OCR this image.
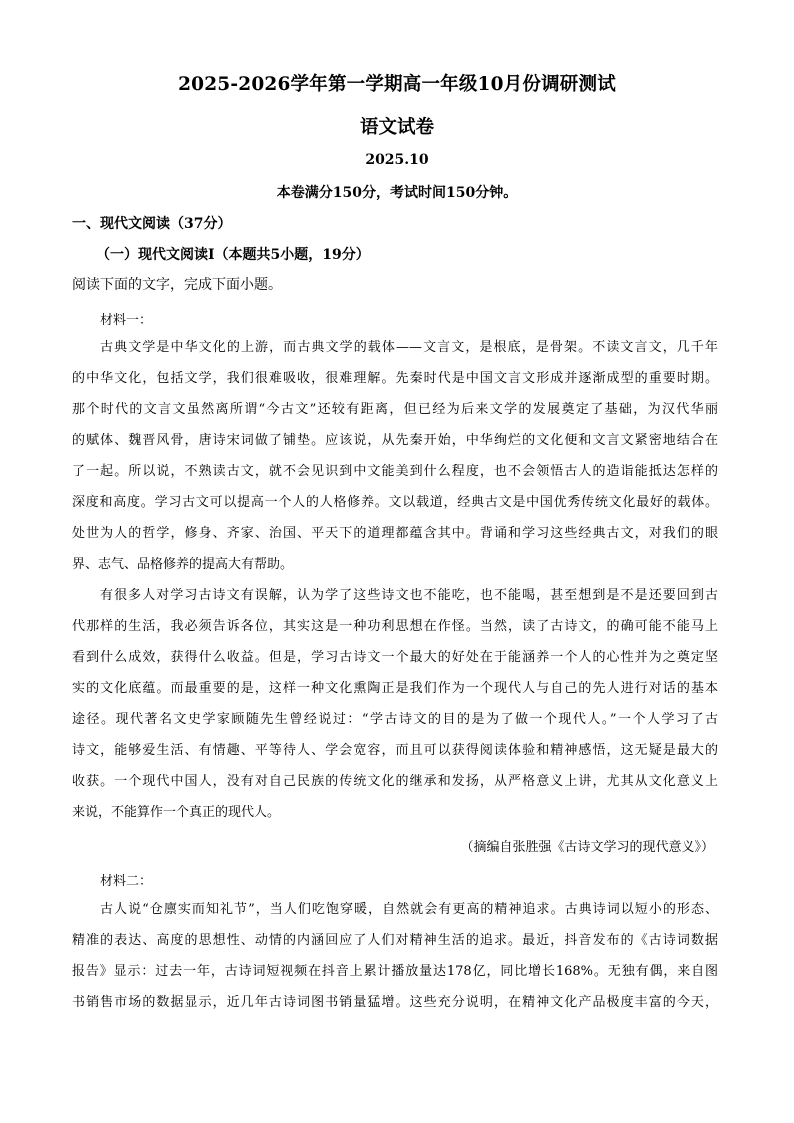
2025-2026学年第一学期高一年级10月份调研测试
语文试卷
2025.10
本卷满分150分，考试时间150分钟。
一、现代文阅读（37分）
（一）现代文阅读Ⅰ（本题共5小题，19分）
阅读下面的文字，完成下面小题。
材料一：
古典文学是中华文化的上游，而古典文学的载体——文言文，是根底，是骨架。不读文言文，几千年
的中华文化，包括文学，我们很难吸收，很难理解。先秦时代是中国文言文形成并逐渐成型的重要时期。
那个时代的文言文虽然离所谓“今古文”还较有距离，但已经为后来文学的发展奠定了基础，为汉代华丽
的赋体、魏晋风骨，唐诗宋词做了铺垫。应该说，从先秦开始，中华绚烂的文化便和文言文紧密地结合在
了一起。所以说，不熟读古文，就不会见识到中文能美到什么程度，也不会领悟古人的造诣能抵达怎样的
深度和高度。学习古文可以提高一个人的人格修养。文以载道，经典古文是中国优秀传统文化最好的载体。
处世为人的哲学，修身、齐家、治国、平天下的道理都蕴含其中。背诵和学习这些经典古文，对我们的眼
界、志气、品格修养的提高大有帮助。
有很多人对学习古诗文有误解，认为学了这些诗文也不能吃，也不能喝，甚至想到是不是还要回到古
代那样的生活，我必须告诉各位，其实这是一种功利思想在作怪。当然，读了古诗文，的确可能不能马上
看到什么成效，获得什么收益。但是，学习古诗文一个最大的好处在于能涵养一个人的心性并为之奠定坚
实的文化底蕴。而最重要的是，这样一种文化熏陶正是我们作为一个现代人与自己的先人进行对话的基本
途径。现代著名文史学家顾随先生曾经说过：“学古诗文的目的是为了做一个现代人。”一个人学习了古
诗文，能够爱生活、有情趣、平等待人、学会宽容，而且可以获得阅读体验和精神感悟，这无疑是最大的
收获。一个现代中国人，没有对自己民族的传统文化的继承和发扬，从严格意义上讲，尤其从文化意义上
来说，不能算作一个真正的现代人。
（摘编自张胜强《古诗文学习的现代意义》）
材料二：
古人说“仓廪实而知礼节”，当人们吃饱穿暖，自然就会有更高的精神追求。古典诗词以短小的形态、
精准的表达、高度的思想性、动情的内涵回应了人们对精神生活的追求。最近，抖音发布的《古诗词数据
报告》显示：过去一年，古诗词短视频在抖音上累计播放量达178亿，同比增长168%。无独有偶，来自图
书销售市场的数据显示，近几年古诗词图书销量猛增。这些充分说明，在精神文化产品极度丰富的今天，
